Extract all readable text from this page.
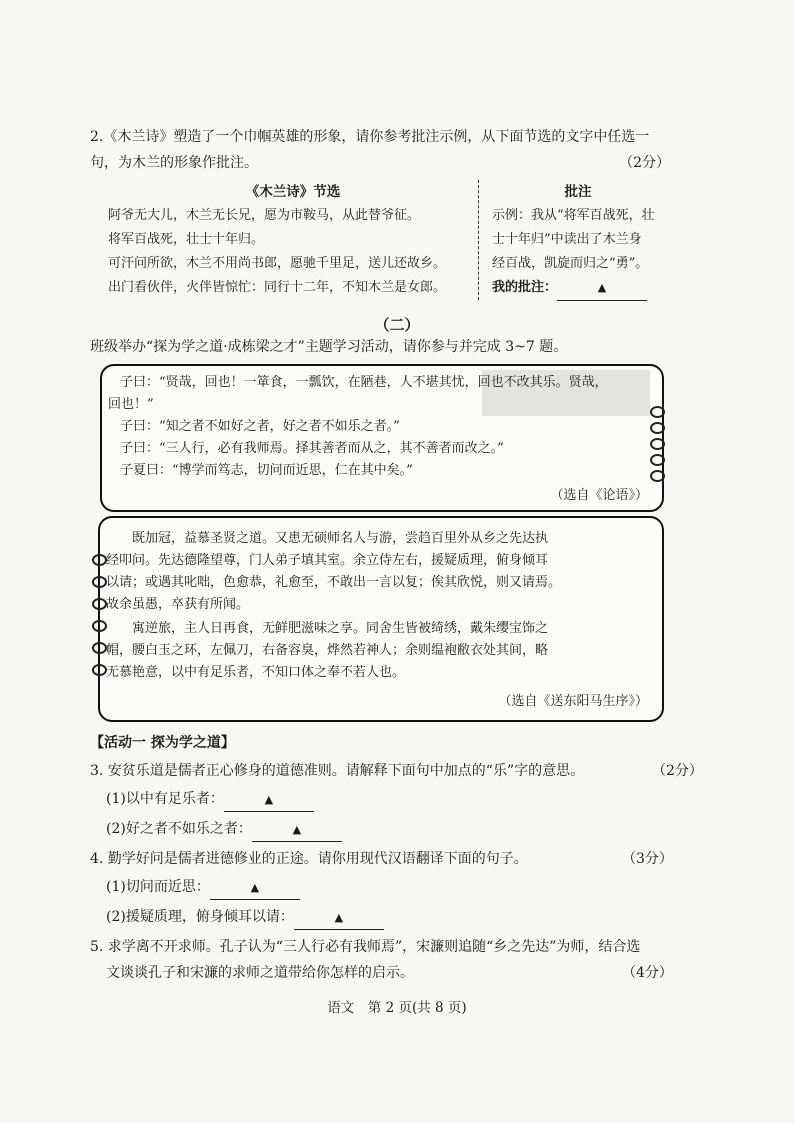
2.《木兰诗》塑造了一个巾帼英雄的形象，请你参考批注示例，从下面节选的文字中任选一句，为木兰的形象作批注。	（2分）
《木兰诗》节选
阿爷无大儿，木兰无长兄，愿为市鞍马，从此替爷征。
将军百战死，壮士十年归。
可汗问所欲，木兰不用尚书郎，愿驰千里足，送儿还故乡。
出门看伙伴，火伴皆惊忙：同行十二年，不知木兰是女郎。
批注
示例：我从“将军百战死，壮
士十年归”中读出了木兰身
经百战，凯旋而归之“勇”。
我的批注：	▲
（二）
班级举办“探为学之道·成栋梁之才”主题学习活动，请你参与并完成 3~7 题。
子曰：“贤哉，回也！一箪食，一瓢饮，在陋巷，人不堪其忧，回也不改其乐。贤哉，
回也！”
子曰：“知之者不如好之者，好之者不如乐之者。”
子曰：“三人行，必有我师焉。择其善者而从之，其不善者而改之。”
子夏曰：“博学而笃志，切问而近思，仁在其中矣。”
（选自《论语》）
既加冠，益慕圣贤之道。又患无硕师名人与游，尝趋百里外从乡之先达执
经叩问。先达德隆望尊，门人弟子填其室。余立侍左右，援疑质理，俯身倾耳
以请；或遇其叱咄，色愈恭，礼愈至，不敢出一言以复；俟其欣悦，则又请焉。
故余虽愚，卒获有所闻。
寓逆旅，主人日再食，无鲜肥滋味之享。同舍生皆被绮绣，戴朱缨宝饰之
帽，腰白玉之环，左佩刀，右备容臭，烨然若神人；余则缊袍敝衣处其间，略
无慕艳意，以中有足乐者，不知口体之奉不若人也。
（选自《送东阳马生序》）
【活动一 探为学之道】
3. 安贫乐道是儒者正心修身的道德准则。请解释下面句中加点的“乐”字的意思。	（2分）
(1)以中有足乐者：	▲
(2)好之者不如乐之者：	▲
4. 勤学好问是儒者进德修业的正途。请你用现代汉语翻译下面的句子。	（3分）
(1)切问而近思：	▲
(2)援疑质理，俯身倾耳以请：	▲
5. 求学离不开求师。孔子认为“三人行必有我师焉”，宋濂则追随“乡之先达”为师，结合选
文谈谈孔子和宋濂的求师之道带给你怎样的启示。	（4分）
语文　第 2 页(共 8 页)
